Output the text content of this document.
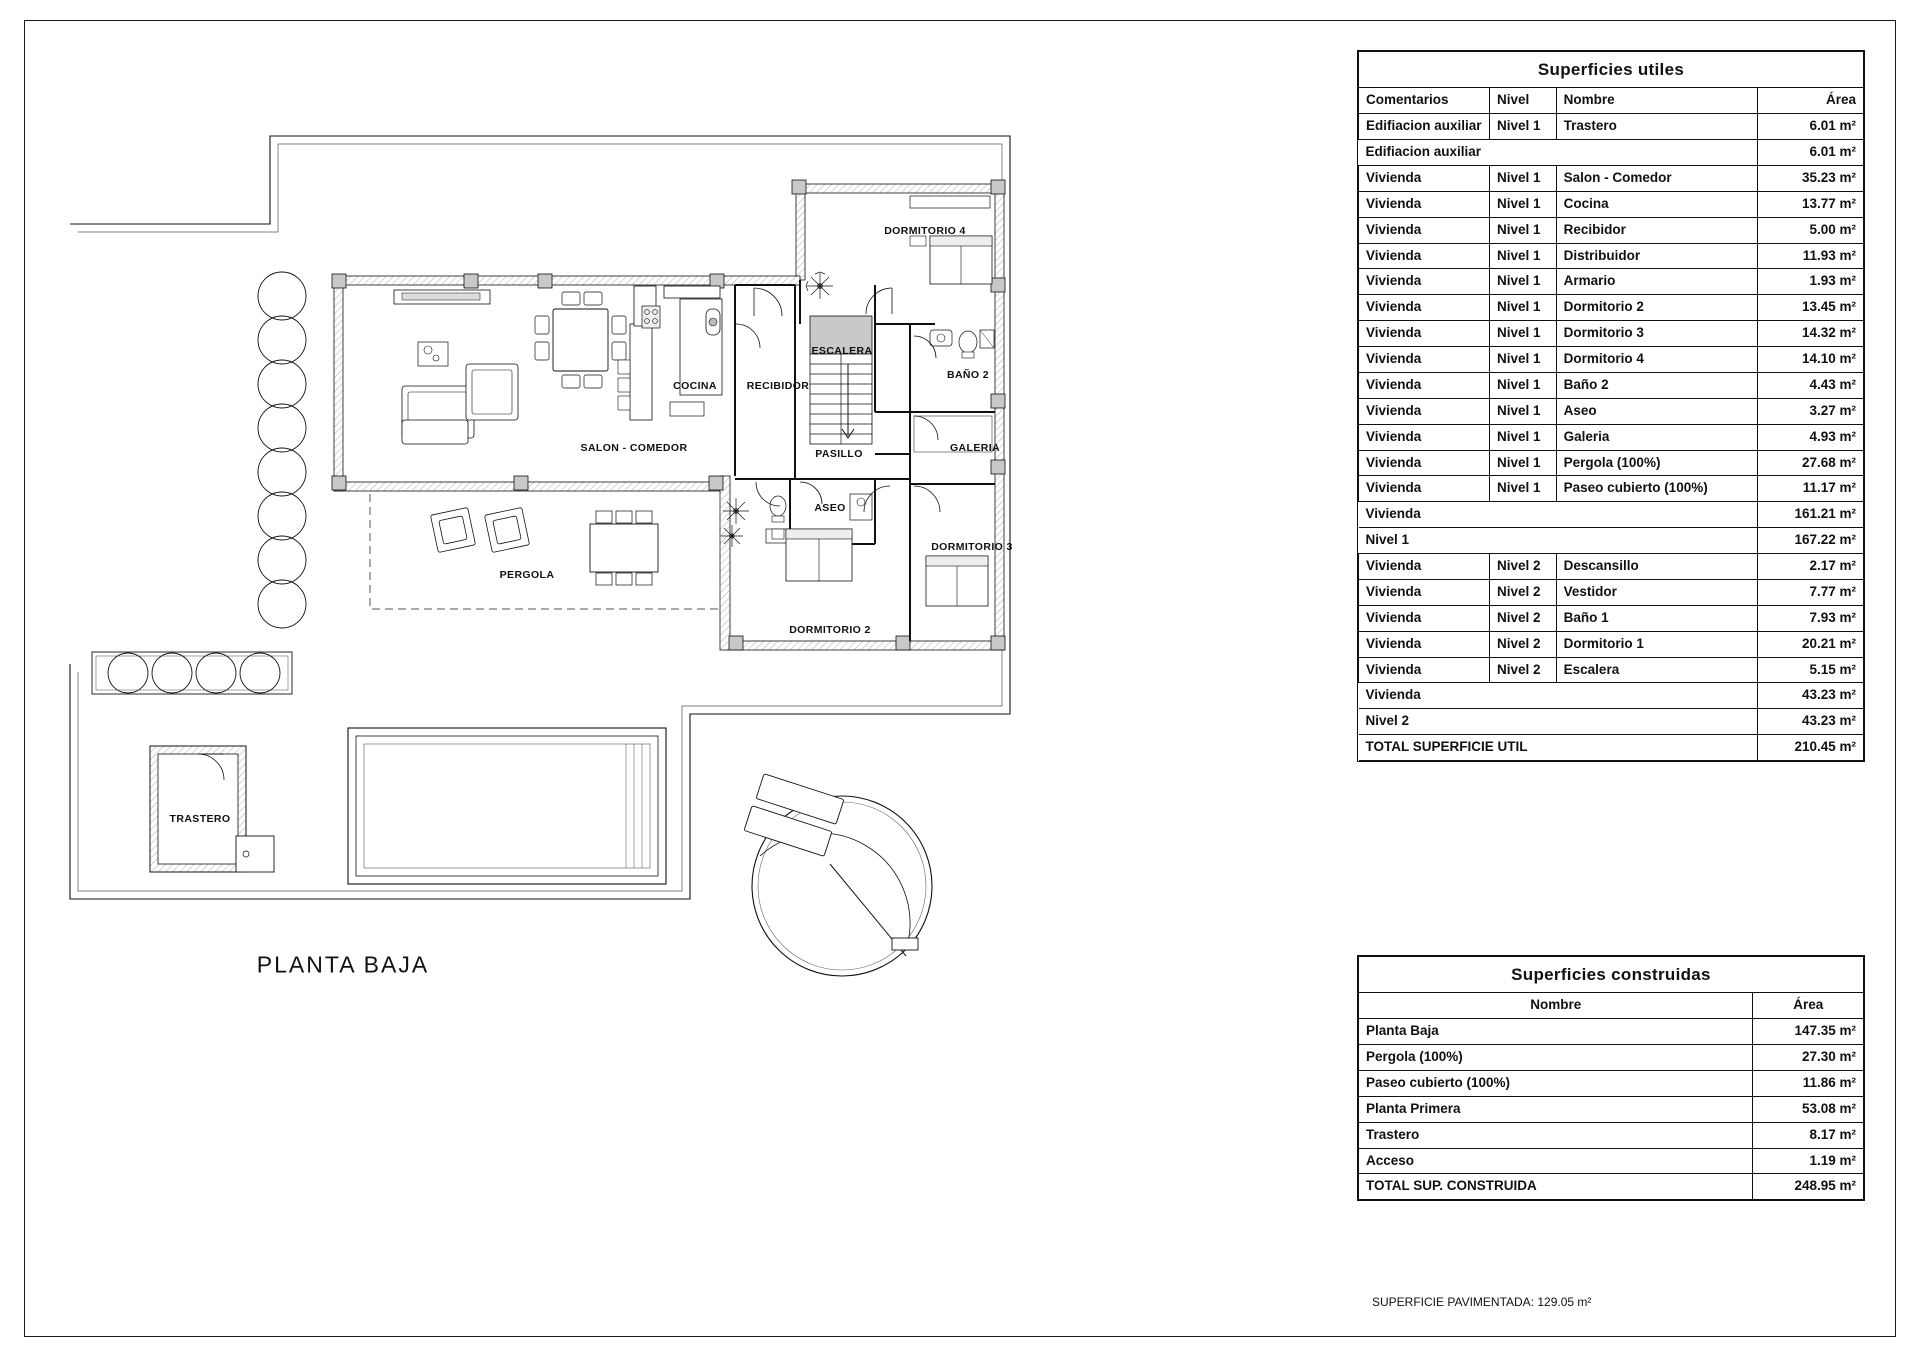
DORMITORIO 4
COCINA	RECIBIDOR
ESCALERA
BAÑO 2
SALON - COMEDOR	PASILLO	GALERIA
ASEO
DORMITORIO 3
PERGOLA
DORMITORIO 2
TRASTERO
PLANTA BAJA
Superficies utiles			
Comentarios	Nivel	Nombre	Área
Edifiacion auxiliar	Nivel 1	Trastero	6.01 m²
Edifiacion auxiliar			6.01 m²
Vivienda	Nivel 1	Salon - Comedor	35.23 m²
Vivienda	Nivel 1	Cocina	13.77 m²
Vivienda	Nivel 1	Recibidor	5.00 m²
Vivienda	Nivel 1	Distribuidor	11.93 m²
Vivienda	Nivel 1	Armario	1.93 m²
Vivienda	Nivel 1	Dormitorio 2	13.45 m²
Vivienda	Nivel 1	Dormitorio 3	14.32 m²
Vivienda	Nivel 1	Dormitorio 4	14.10 m²
Vivienda	Nivel 1	Baño 2	4.43 m²
Vivienda	Nivel 1	Aseo	3.27 m²
Vivienda	Nivel 1	Galeria	4.93 m²
Vivienda	Nivel 1	Pergola (100%)	27.68 m²
Vivienda	Nivel 1	Paseo cubierto (100%)	11.17 m²
Vivienda			161.21 m²
Nivel 1			167.22 m²
Vivienda	Nivel 2	Descansillo	2.17 m²
Vivienda	Nivel 2	Vestidor	7.77 m²
Vivienda	Nivel 2	Baño 1	7.93 m²
Vivienda	Nivel 2	Dormitorio 1	20.21 m²
Vivienda	Nivel 2	Escalera	5.15 m²
Vivienda			43.23 m²
Nivel 2			43.23 m²
TOTAL SUPERFICIE UTIL			210.45 m²
Superficies construidas	
Nombre	Área
Planta Baja	147.35 m²
Pergola (100%)	27.30 m²
Paseo cubierto (100%)	11.86 m²
Planta Primera	53.08 m²
Trastero	8.17 m²
Acceso	1.19 m²
TOTAL SUP. CONSTRUIDA	248.95 m²
SUPERFICIE PAVIMENTADA: 129.05 m²
